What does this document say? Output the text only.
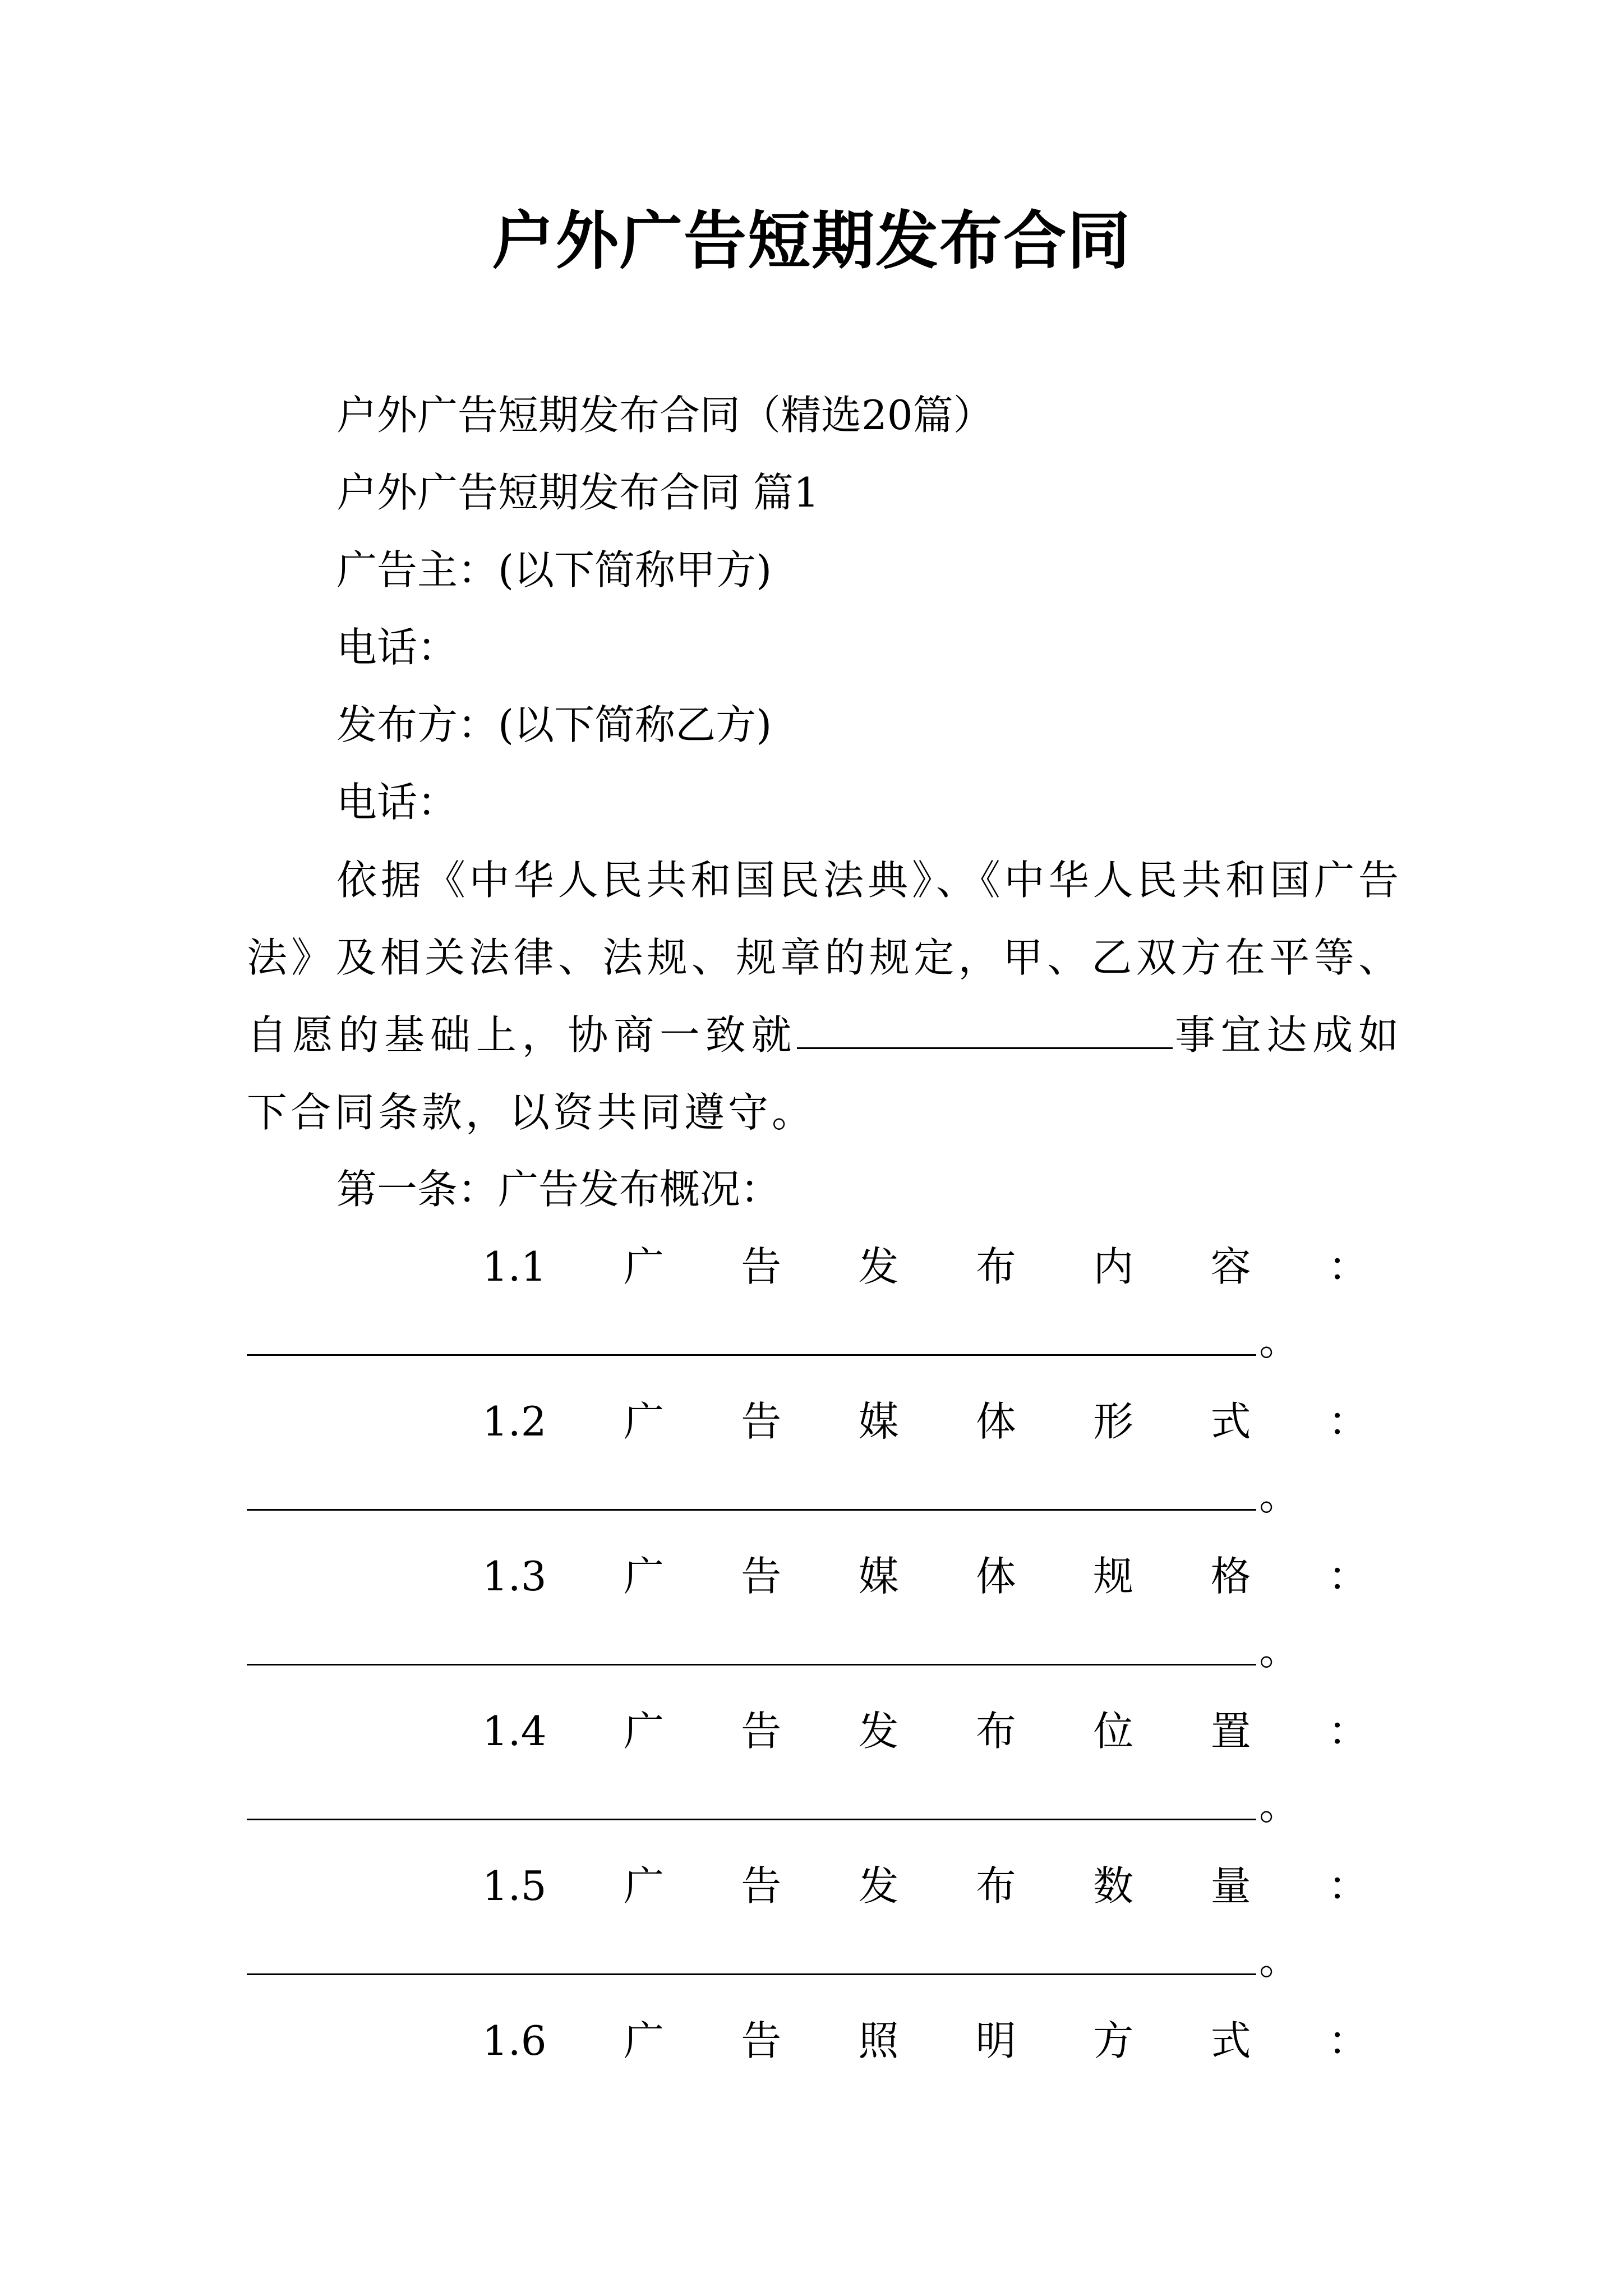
户外广告短期发布合同
户外广告短期发布合同（精选20篇）
户外广告短期发布合同 篇1
广告主：(以下简称甲方)
电话：
发布方：(以下简称乙方)
电话：
依据《中华人民共和国民法典》、《中华人民共和国广告法》及相关法律、法规、规章的规定，甲、乙双方在平等、自愿的基础上，协商一致就	事宜达成如下合同条款，以资共同遵守。
第一条：广告发布概况：
1.1 广 告 发 布 内 容 ：
。
1.2 广 告 媒 体 形 式 ：
。
1.3 广 告 媒 体 规 格 ：
。
1.4 广 告 发 布 位 置 ：
。
1.5 广 告 发 布 数 量 ：
。
1.6 广 告 照 明 方 式 ：
